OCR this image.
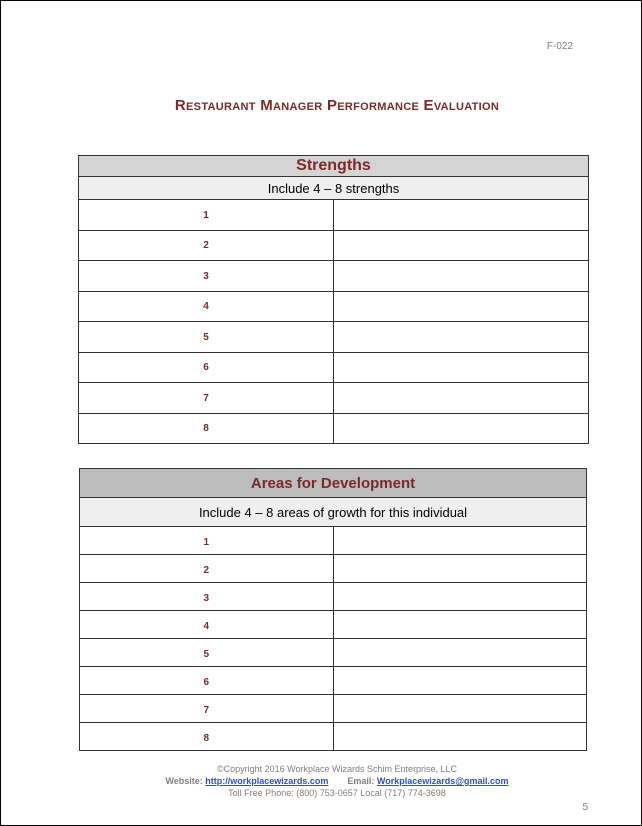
F-022
Restaurant Manager Performance Evaluation
Strengths	
Include 4 – 8 strengths	

1	

2	

3	

4	

5	

6	

7	

8	

Areas for Development	
Include 4 – 8 areas of growth for this individual	

1	

2	

3	

4	

5	

6	

7	

8	

©Copyright 2016 Workplace Wizards Schim Enterprise, LLC
Website: http://workplacewizards.com Email: Workplacewizards@gmail.com
Toll Free Phone: (800) 753-0657 Local (717) 774-3698
5
